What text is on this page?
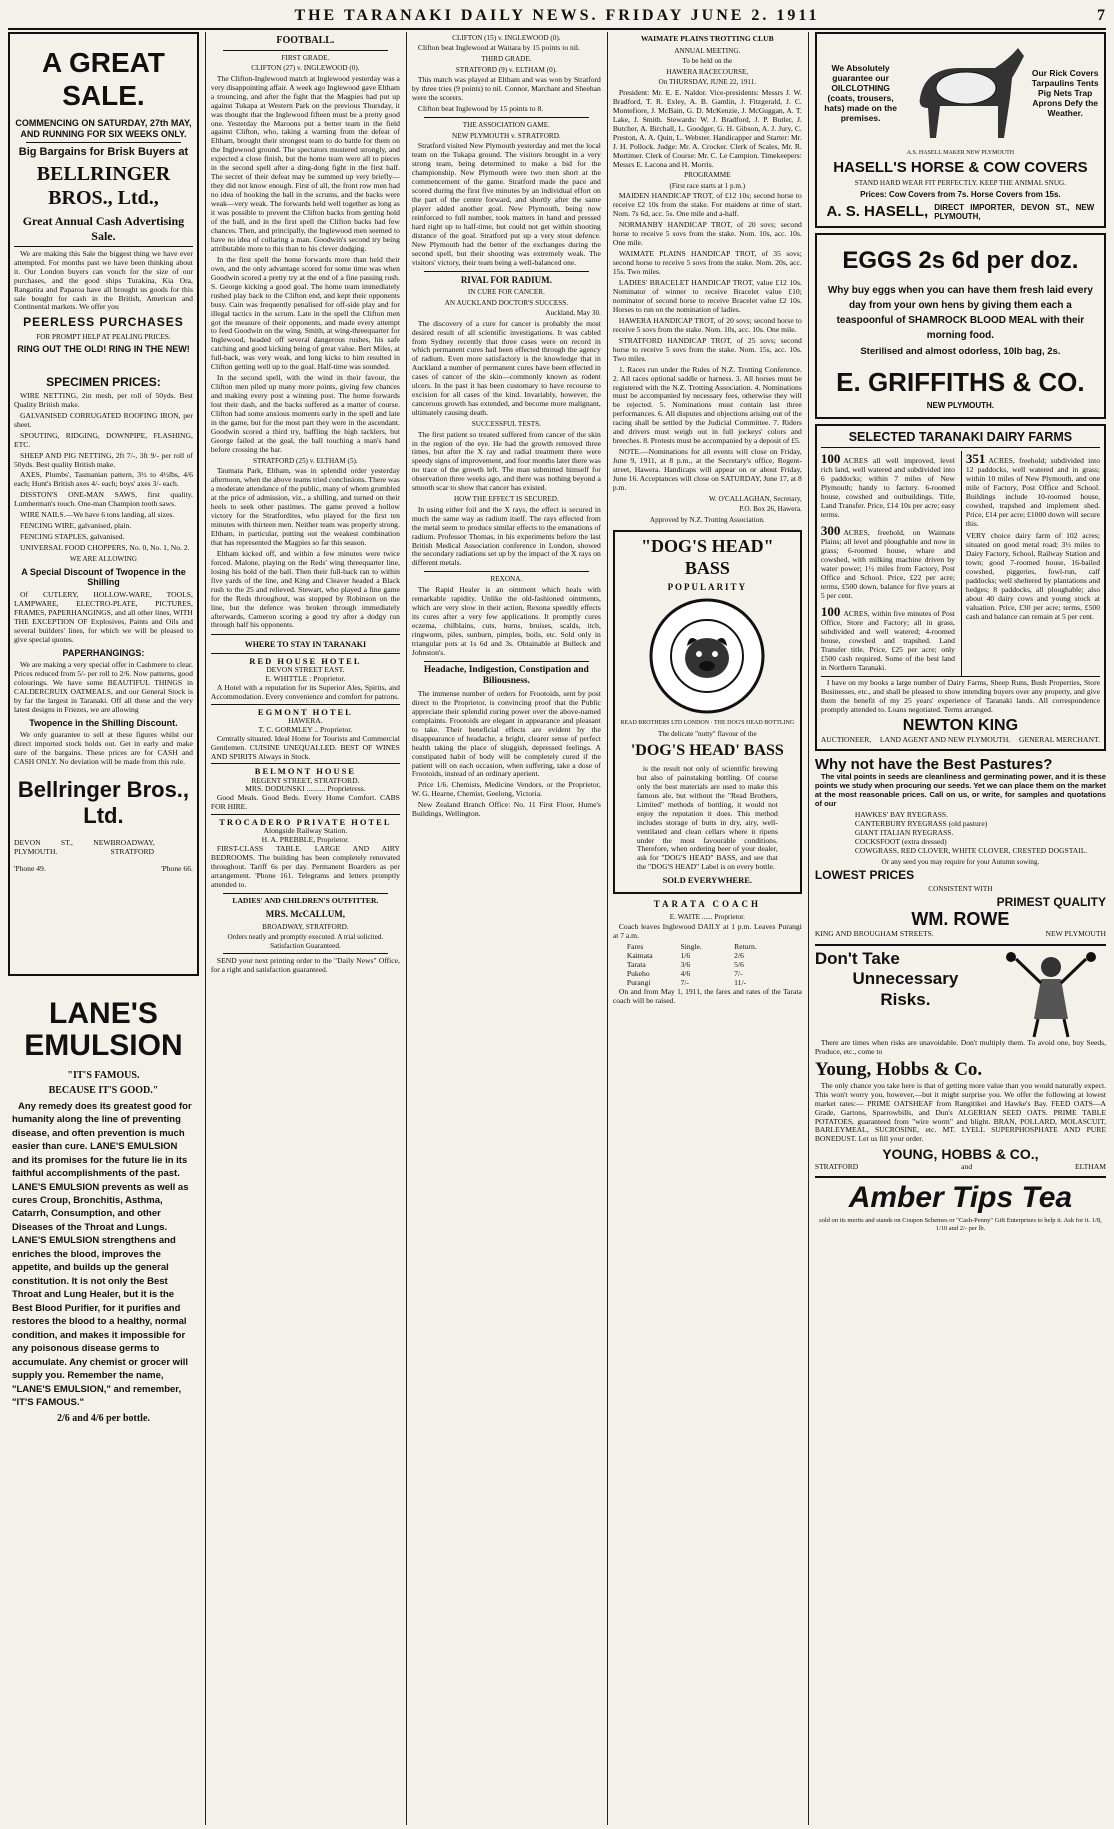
THE TARANAKI DAILY NEWS. FRIDAY JUNE 2. 1911	7
A GREAT SALE.
COMMENCING ON SATURDAY, 27th MAY, AND RUNNING FOR SIX WEEKS ONLY.
Big Bargains for Brisk Buyers at
BELLRINGER BROS., Ltd.,
Great Annual Cash Advertising Sale.

We are making this Sale the biggest thing we have ever attempted. For months past we have been thinking about it. Our London buyers can vouch for the size of our purchases, and the good ships Turakina, Kia Ora, Rangatira and Paparoa have all brought us goods for this sale bought for cash in the British, American and Continental markets. We offer you

PEERLESS PURCHASES
FOR PROMPT HELP AT PEALING PRICES.
RING OUT THE OLD! RING IN THE NEW!
SPECIMEN PRICES:

WIRE NETTING, 2in mesh, per roll of 50yds. Best Quality British make.

GALVANISED CORRUGATED ROOFING IRON, per sheet.

SPOUTING, RIDGING, DOWNPIPE, FLASHING, ETC.

SHEEP AND PIG NETTING, 2ft 7/-, 3ft 9/- per roll of 50yds. Best quality British make.

AXES, Plumbs', Tasmanian pattern, 3½ to 4½lbs, 4/6 each; Hunt's British axes 4/- each; boys' axes 3/- each.

DISSTON'S ONE-MAN SAWS, first quality. Lumberman's touch. One-man Champion tooth saws.

WIRE NAILS.—We have 6 tons landing, all sizes.

FENCING WIRE, galvanised, plain.

FENCING STAPLES, galvanised.

UNIVERSAL FOOD CHOPPERS, No. 0, No. 1, No. 2.

WE ARE ALLOWING
A Special Discount of Twopence in the Shilling

Of CUTLERY, HOLLOW-WARE, TOOLS, LAMPWARE, ELECTRO-PLATE, PICTURES, FRAMES, PAPERHANGINGS, and all other lines, WITH THE EXCEPTION OF Explosives, Paints and Oils and several builders' lines, for which we will be pleased to give special quotes.

PAPERHANGINGS:

We are making a very special offer in Cashmere to clear. Prices reduced from 5/- per roll to 2/6. Now patterns, good colourings. We have some BEAUTIFUL THINGS in CALDERCRUIX OATMEALS, and our General Stock is by far the largest in Taranaki. Off all these and the very latest designs in Friezes, we are allowing

Twopence in the Shilling Discount.

We only guarantee to sell at these figures whilst our direct imported stock holds out. Get in early and make sure of the bargains. These prices are for CASH and CASH ONLY. No deviation will be made from this rule.

Bellringer Bros., Ltd.
DEVON ST., NEW PLYMOUTH.
BROADWAY, STRATFORD
'Phone 49.	'Phone 66.
LANE'S
EMULSION
"IT'S FAMOUS.
BECAUSE IT'S GOOD."

Any remedy does its greatest good for humanity along the line of preventing disease, and often prevention is much easier than cure. LANE'S EMULSION and its promises for the future lie in its faithful accomplishments of the past. LANE'S EMULSION prevents as well as cures Croup, Bronchitis, Asthma, Catarrh, Consumption, and other Diseases of the Throat and Lungs. LANE'S EMULSION strengthens and enriches the blood, improves the appetite, and builds up the general constitution. It is not only the Best Throat and Lung Healer, but it is the Best Blood Purifier, for it purifies and restores the blood to a healthy, normal condition, and makes it impossible for any poisonous disease germs to accumulate. Any chemist or grocer will supply you. Remember the name, "LANE'S EMULSION," and remember, "IT'S FAMOUS."

2/6 and 4/6 per bottle.
FOOTBALL.
FIRST GRADE.
CLIFTON (27) v. INGLEWOOD (0).

The Clifton-Inglewood match at Inglewood yesterday was a very disappointing affair. A week ago Inglewood gave Eltham a trouncing, and after the fight that the Magpies had put up against Tukapa at Western Park on the previous Thursday, it was thought that the Inglewood fifteen must be a pretty good one. Yesterday the Maroons put a better team in the field against Clifton, who, taking a warning from the defeat of Eltham, brought their strongest team to do battle for them on the Inglewood ground. The spectators mustered strongly, and expected a close finish, but the home team were all to pieces in the second spell after a ding-dong fight in the first half. The secret of their defeat may be summed up very briefly—they did not know enough. First of all, the front row men had no idea of hooking the ball in the scrums, and the backs were weak—very weak. The forwards held well together as long as it was possible to prevent the Clifton backs from getting hold of the ball, and in the first spell the Clifton backs had few chances. Then, and principally, the Inglewood men seemed to have no idea of collaring a man. Goodwin's second try being attributable more to this than to his clever dodging.

In the first spell the home forwards more than held their own, and the only advantage scored for some time was when Goodwin scored a pretty try at the end of a fine passing rush. S. George kicking a good goal. The home team immediately rushed play back to the Clifton end, and kept their opponents busy. Cain was frequently penalised for off-side play and for illegal tactics in the scrum. Late in the spell the Clifton men got the measure of their opponents, and made every attempt to feed Goodwin on the wing. Smith, at wing-threequarter for Inglewood, headed off several dangerous rushes, his safe catching and good kicking being of great value. Bert Miles, at full-back, was very weak, and long kicks to him resulted in Clifton getting well up to the goal. Half-time was sounded.

In the second spell, with the wind in their favour, the Clifton men piled up many more points, giving few chances and making every post a winning post. The home forwards lost their dash, and the backs suffered as a matter of course. Clifton had some anxious moments early in the spell and late in the game, but for the most part they were in the ascendant. Goodwin scored a third try, baffling the high tacklers, but George failed at the goal, the ball touching a man's hand before crossing the bar.

STRATFORD (25) v. ELTHAM (5).

Taumata Park, Eltham, was in splendid order yesterday afternoon, when the above teams tried conclusions. There was a moderate attendance of the public, many of whom grumbled at the price of admission, viz., a shilling, and turned on their heels to seek other pastimes. The game proved a hollow victory for the Stratfordites, who played for the first ten minutes with thirteen men. Neither team was properly strong. Eltham, in particular, putting out the weakest combination that has represented the Magpies so far this season.

Eltham kicked off, and within a few minutes were twice forced. Malone, playing on the Reds' wing threequarter line, losing his hold of the ball. Then their full-back ran to within five yards of the line, and King and Cleaver headed a Black rush to the 25 and relieved. Stewart, who played a fine game for the Reds throughout, was stopped by Robinson on the line, but the defence was broken through immediately afterwards, Cameron scoring a good try after a dodgy run through half his opponents.

WHERE TO STAY IN TARANAKI
RED HOUSE HOTEL
DEVON STREET EAST.
E. WHITTLE : Proprietor.

A Hotel with a reputation for its Superior Ales, Spirits, and Accommodation. Every convenience and comfort for patrons.

EGMONT HOTEL
HAWERA.
T. C. GORMLEY .. Proprietor.

Centrally situated. Ideal Home for Tourists and Commercial Gentlemen. CUISINE UNEQUALLED. BEST OF WINES AND SPIRITS Always in Stock.

BELMONT HOUSE
REGENT STREET, STRATFORD.
MRS. DODUNSKI .......... Proprietress.

Good Meals. Good Beds. Every Home Comfort. CABS FOR HIRE.

TROCADERO PRIVATE HOTEL
Alongside Railway Station.
H. A. PREBBLE, Proprietor.

FIRST-CLASS TABLE. LARGE AND AIRY BEDROOMS. The building has been completely renovated throughout. Tariff 6s per day. Permanent Boarders as per arrangement. 'Phone 161. Telegrams and letters promptly attended to.

LADIES' AND CHILDREN'S OUTFITTER.
MRS. McCALLUM,
BROADWAY, STRATFORD.
Orders neatly and promptly executed. A trial solicited. Satisfaction Guaranteed.

SEND your next printing order to the "Daily News" Office, for a right and satisfaction guaranteed.

CLIFTON (15) v. INGLEWOOD (0).

Clifton beat Inglewood at Waitara by 15 points to nil.

THIRD GRADE.
STRATFORD (9) v. ELTHAM (0).

This match was played at Eltham and was won by Stratford by three tries (9 points) to nil. Connor, Marchant and Sheehan were the scorers.

Clifton beat Inglewood by 15 points to 8.

THE ASSOCIATION GAME.
NEW PLYMOUTH v. STRATFORD.

Stratford visited New Plymouth yesterday and met the local team on the Tukapa ground. The visitors brought in a very strong team, being determined to make a bid for the championship. New Plymouth were two men short at the commencement of the game. Stratford made the pace and scored during the first five minutes by an individual effort on the part of the centre forward, and shortly after the same player added another goal. New Plymouth, being now reinforced to full number, took matters in hand and pressed hard right up to half-time, but could not get within shooting distance of the goal. Stratford put up a very stout defence. New Plymouth had the better of the exchanges during the second spell, but their shooting was extremely weak. The visitors' victory, their team being a well-balanced one.

RIVAL FOR RADIUM.
IN CURE FOR CANCER.
AN AUCKLAND DOCTOR'S SUCCESS.
Auckland, May 30.

The discovery of a cure for cancer is probably the most desired result of all scientific investigations. It was cabled from Sydney recently that three cases were on record in which permanent cures had been effected through the agency of radium. Even more satisfactory is the knowledge that in Auckland a number of permanent cures have been effected in cases of cancer of the skin—commonly known as rodent ulcers. In the past it has been customary to have recourse to excision for all cases of the kind. Invariably, however, the cancerous growth has extended, and become more malignant, ultimately causing death.

SUCCESSFUL TESTS.

The first patient so treated suffered from cancer of the skin in the region of the eye. He had the growth removed three times, but after the X ray and radial treatment there were speedy signs of improvement, and four months later there was no trace of the growth left. The man submitted himself for observation three weeks ago, and there was nothing beyond a smooth scar to show that cancer has existed.

HOW THE EFFECT IS SECURED.

In using either foil and the X rays, the effect is secured in much the same way as radium itself. The rays effected from the metal seem to produce similar effects to the emanations of radium. Professor Thomas, in his experiments before the last British Medical Association conference in London, showed the secondary radiations set up by the impact of the X rays on different metals.

REXONA.

The Rapid Healer is an ointment which heals with remarkable rapidity. Unlike the old-fashioned ointments, which are very slow in their action, Rexona speedily effects its cures after a very few applications. It promptly cures eczema, chilblains, cuts, burns, bruises, scalds, itch, ringworm, piles, sunburn, pimples, boils, etc. Sold only in triangular pots at 1s 6d and 3s. Obtainable at Bulleck and Johnston's.

Headache, Indigestion, Constipation and Biliousness.

The immense number of orders for Frootoids, sent by post direct to the Proprietor, is convincing proof that the Public appreciate their splendid curing power over the above-named complaints. Frootoids are elegant in appearance and pleasant to take. Their beneficial effects are evident by the disappearance of headache, a bright, clearer sense of perfect health taking the place of sluggish, depressed feelings. A constipated habit of body will be completely cured if the patient will on each occasion, when suffering, take a dose of Frootoids, instead of an ordinary aperient.

Price 1/6. Chemists, Medicine Vendors, or the Proprietor, W. G. Hearne, Chemist, Geelong, Victoria.

New Zealand Branch Office: No. 11 First Floor, Hume's Buildings, Wellington.

WAIMATE PLAINS TROTTING CLUB
ANNUAL MEETING.
To be held on the
HAWERA RACECOURSE,
On THURSDAY, JUNE 22, 1911.

President: Mr. E. E. Naldor. Vice-presidents: Messrs J. W. Bradford, T. R. Exley, A. B. Gamlin, J. Fitzgerald, J. C. Montefiore, J. McBain, G. D. McKenzie, J. McGuggan, A. T. Lake, J. Smith. Stewards: W. J. Bradford, J. P. Butler, J. Butcher, A. Birchall, L. Goodger, G. H. Gibson, A. J. Jury, C. Preston, A. A. Quin, L. Webster. Handicapper and Starter: Mr. J. H. Pollock. Judge: Mr. A. Crocker. Clerk of Scales, Mr. R. Mortimer. Clerk of Course: Mr. C. Le Campion. Timekeepers: Messrs E. Lacona and H. Morris.

PROGRAMME
(First race starts at 1 p.m.)

MAIDEN HANDICAP TROT, of £12 10s; second horse to receive £2 10s from the stake. For maidens at time of start. Nom. 7s 6d, acc. 5s. One mile and a-half.

NORMANBY HANDICAP TROT, of 20 sovs; second horse to receive 5 sovs from the stake. Nom. 10s, acc. 10s. One mile.

WAIMATE PLAINS HANDICAP TROT, of 35 sovs; second horse to receive 5 sovs from the stake. Nom. 20s, acc. 15s. Two miles.

LADIES' BRACELET HANDICAP TROT, value £12 10s. Nominator of winner to receive Bracelet value £10; nominator of second horse to receive Bracelet value £2 10s. Horses to run on the nomination of ladies.

HAWERA HANDICAP TROT, of 20 sovs; second horse to receive 5 sovs from the stake. Nom. 10s, acc. 10s. One mile.

STRATFORD HANDICAP TROT, of 25 sovs; second horse to receive 5 sovs from the stake. Nom. 15s, acc. 10s. Two miles.

1. Races run under the Rules of N.Z. Trotting Conference. 2. All races optional saddle or harness. 3. All horses must be registered with the N.Z. Trotting Association. 4. Nominations must be accompanied by necessary fees, otherwise they will be rejected. 5. Nominations must contain last three performances. 6. All disputes and objections arising out of the racing shall be settled by the Judicial Committee. 7. Riders and drivers must weigh out in full jockeys' colors and breeches. 8. Protests must be accompanied by a deposit of £5.

NOTE.—Nominations for all events will close on Friday, June 9, 1911, at 8 p.m., at the Secretary's office, Regent-street, Hawera. Handicaps will appear on or about Friday, June 16. Acceptances will close on SATURDAY, June 17, at 8 p.m.

W. O'CALLAGHAN, Secretary,
P.O. Box 26, Hawera.
Approved by N.Z. Trotting Association.
"DOG'S HEAD" BASS
POPULARITY
READ BROTHERS LTD LONDON · THE DOG'S HEAD BOTTLING
The delicate "nutty" flavour of the
'DOG'S HEAD' BASS

is the result not only of scientific brewing but also of painstaking bottling. Of course only the best materials are used to make this famous ale, but without the "Read Brothers, Limited" methods of bottling, it would not enjoy the reputation it does. This method includes storage of butts in dry, airy, well-ventilated and clean cellars where it ripens under the most favourable conditions. Therefore, when ordering beer of your dealer, ask for "DOG'S HEAD" BASS, and see that the "DOG'S HEAD" Label is on every bottle.

SOLD EVERYWHERE.
TARATA COACH
E. WAITE ...... Proprietor.

Coach leaves Inglewood DAILY at 1 p.m. Leaves Purangi at 7 a.m.

Fares	Single.	Return.
Kaimata	1/6	2/6
Tarata	3/6	5/6
Pukeho	4/6	7/-
Purangi	7/-	11/-

On and from May 1, 1911, the fares and rates of the Tarata coach will be raised.

We Absolutely guarantee our OILCLOTHING (coats, trousers, hats) made on the premises.
Our Rick Covers Tarpaulins Tents Pig Nets Trap Aprons Defy the Weather.
A.S. HASELL MAKER NEW PLYMOUTH
HASELL'S HORSE & COW COVERS
STAND HARD WEAR FIT PERFECTLY. KEEP THE ANIMAL SNUG.
Prices: Cow Covers from 7s. Horse Covers from 15s.
A. S. HASELL, DIRECT IMPORTER, DEVON ST., NEW PLYMOUTH,
EGGS 2s 6d per doz.

Why buy eggs when you can have them fresh laid every day from your own hens by giving them each a teaspoonful of SHAMROCK BLOOD MEAL with their morning food.

Sterilised and almost odorless, 10lb bag, 2s.
E. GRIFFITHS & CO.
NEW PLYMOUTH.
SELECTED TARANAKI DAIRY FARMS

100 ACRES all well improved, level rich land, well watered and subdivided into 6 paddocks; within 7 miles of New Plymouth; handy to factory. 6-roomed house, cowshed and outbuildings. Title, Land Transfer. Price, £14 10s per acre; easy terms.

300 ACRES, freehold, on Waimate Plains; all level and ploughable and now in grass; 6-roomed house, whare and cowshed, with milking machine driven by water power; 1½ miles from Factory, Post Office and School. Price, £22 per acre; terms, £500 down, balance for five years at 5 per cent.

100 ACRES, within five minutes of Post Office, Store and Factory; all in grass, subdivided and well watered; 4-roomed house, cowshed and trapshed. Land Transfer title. Price, £25 per acre; only £500 cash required. Some of the best land in Northern Taranaki.

351 ACRES, freehold; subdivided into 12 paddocks, well watered and in grass; within 10 miles of New Plymouth, and one mile of Factory, Post Office and School. Buildings include 10-roomed house, cowshed, trapshed and implement shed. Price, £14 per acre; £1000 down will secure this.

VERY choice dairy farm of 102 acres; situated on good metal road; 3½ miles to Dairy Factory, School, Railway Station and town; good 7-roomed house, 16-bailed cowshed, piggeries, fowl-run, calf paddocks; well sheltered by plantations and hedges; 8 paddocks, all ploughable; also about 40 dairy cows and young stock at valuation. Price, £30 per acre; terms, £500 cash and balance can remain at 5 per cent.

I have on my books a large number of Dairy Farms, Sheep Runs, Bush Properties, Store Businesses, etc., and shall be pleased to show intending buyers over any property, and give them the benefit of my 25 years' experience of Taranaki lands. All correspondence promptly attended to. Loans negotiated. Terms arranged.

NEWTON KING
AUCTIONEER, LAND AGENT AND NEW PLYMOUTH. GENERAL MERCHANT.
Why not have the Best Pastures?

The vital points in seeds are cleanliness and germinating power, and it is these points we study when procuring our seeds. Yet we can place them on the market at the most reasonable prices. Call on us, or write, for samples and quotations of our

HAWKES' BAY RYEGRASS.
CANTERBURY RYEGRASS (old pasture)
GIANT ITALIAN RYEGRASS.
COCKSFOOT (extra dressed)
COWGRASS, RED CLOVER, WHITE CLOVER, CRESTED DOGSTAIL.
Or any seed you may require for your Autumn sowing.
LOWEST PRICES
CONSISTENT WITH
PRIMEST QUALITY
WM. ROWE
KING AND BROUGHAM STREETS.	NEW PLYMOUTH
Don't Take
Unnecessary
Risks.

There are times when risks are unavoidable. Don't multiply them. To avoid one, buy Seeds, Produce, etc., come to

Young, Hobbs & Co.

The only chance you take here is that of getting more value than you would naturally expect. This won't worry you, however,—but it might surprise you. We offer the following at lowest market rates:— PRIME OATSHEAF from Rangitikei and Hawke's Bay. FEED OATS—A Grade, Gartons, Sparrowbills, and Dun's ALGERIAN SEED OATS. PRIME TABLE POTATOES, guaranteed from "wire worm" and blight. BRAN, POLLARD, MOLASCUIT, BARLEYMEAL, SUCROSINE, etc. MT. LYELL SUPERPHOSPHATE AND PURE BONEDUST. Let us fill your order.

YOUNG, HOBBS & CO.,
STRATFORD	and	ELTHAM
Amber Tips Tea
sold on its merits and stands on Coupon Schemes or "Cash-Penny" Gift Enterprises to help it. Ask for it. 1/8, 1/10 and 2/- per lb.
